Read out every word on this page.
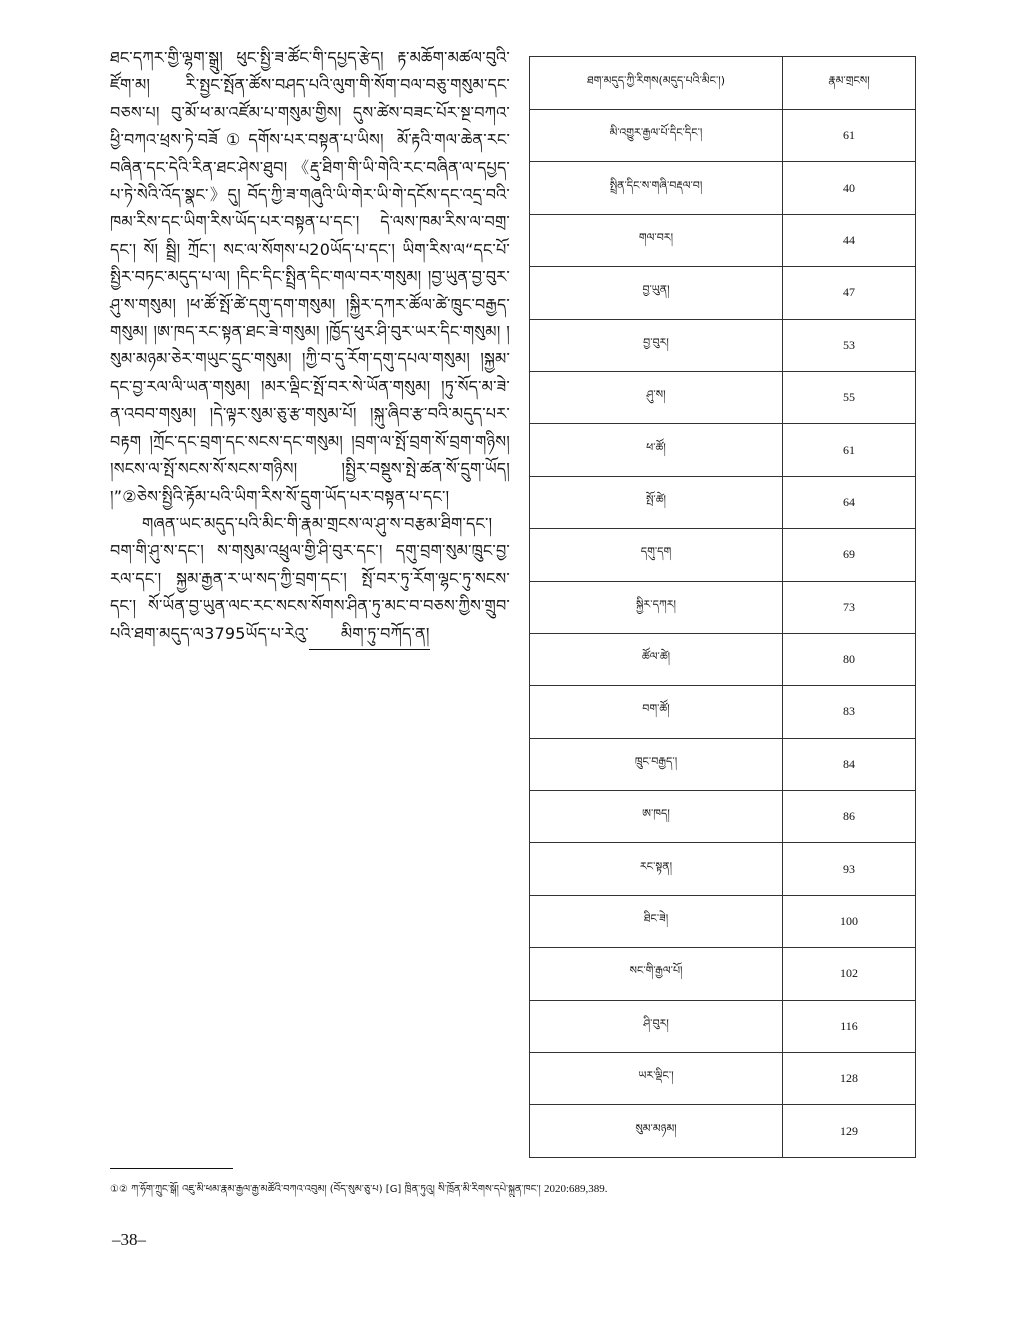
ཐང་དཀར་གྱི་ལྷག་སྒྲུ། ཕུང་སྤྱི་ཟ་ཚོང་གི་དཔྱད་རྩེད། རྟ་མཆོག་མཚལ་བུའི་ཛོག་མ། རི་སྤྱང་སྤོན་ཚོས་བཤད་པའི་ལུག་གི་སོག་བལ་བཅུ་གསུམ་དང་བཅས་པ། བུ་མོ་ཕ་མ་འཛོམ་པ་གསུམ་གྱིས། དུས་ཚེས་བཟང་པོར་སྔ་བཀའ་ཕྱི་བཀའ་ཕྲས་ཏེ་བཟོ①དགོས་པར་བསྟན་པ་ཡིས། མོ་རྟའི་གལ་ཆེན་རང་བཞིན་དང་དེའི་རིན་ཐང་ཤེས་ཐུབ། 《རྡུ་ཐིག་གི་ཡི་གེའི་རང་བཞིན་ལ་དཔྱད་པ་ཏེ་སེའི་འོད་སྣང་》དུ། བོད་ཀྱི་ཟ་གཞུའི་ཡི་གེར་ཡི་གེ་དངོས་དང་འདྲ་བའི་ཁམ་རིས་དང་ཡིག་རིས་ཡོད་པར་བསྟན་པ་དང་། དེ་ལས་ཁམ་རིས་ལ་བགྲ་དང་། སོ། སྦྲི། ཀྲོང་། སང་ལ་སོགས་པ20ཡོད་པ་དང་། ཡིག་རིས་ལ“དང་པོ་སྤྱིར་བཏང་མདུད་པ་ལ། །དིང་དིང་སྤྲིན་དིང་གལ་བར་གསུམ། །བྱ་ཡུན་བྱ་བུར་ཤུ་ས་གསུམ། །ཕ་ཚོ་སྤོ་ཚེ་དགུ་དག་གསུམ། །སྐྱིར་དཀར་ཚོལ་ཚེ་ཁྲུང་བརྒྱད་གསུམ། །ཨ་ཁད་རང་སྟན་ཐང་ཟེ་གསུམ། །ཁྱོད་ཕུར་ཤི་བུར་ཡར་དིང་གསུམ། །སུམ་མཉམ་ཅེར་གཡུང་དྲུང་གསུམ། །ཀྱི་བ་དུ་རོག་དགུ་དཔལ་གསུམ། །སྐྱམ་དང་བྱ་རལ་ལི་ཡན་གསུམ། །མར་ལྡིང་སྤོ་བར་སེ་ཡོན་གསུམ། །ཏུ་སོད་མ་ཟེ་ན་འབབ་གསུམ། །དེ་ལྟར་སུམ་ཅུ་རྩ་གསུམ་པོ། །སྐུ་ཞིབ་རྩ་བའི་མདུད་པར་བརྟག །ཀྲོང་དང་བྲག་དང་སངས་དང་གསུམ། །བྲག་ལ་སྤོ་བྲག་སོ་བྲག་གཉིས། །སངས་ལ་སྤོ་སངས་སོ་སངས་གཉིས། །སྤྱིར་བསྡུས་སྤེ་ཚན་སོ་དྲུག་ཡོད། །”②ཅེས་སྤྱིའི་རྟོམ་པའི་ཡིག་རིས་སོ་དྲུག་ཡོད་པར་བསྟན་པ་དང་།

གཞན་ཡང་མདུད་པའི་མིང་གི་རྣམ་གྲངས་ལ་ཤུ་ས་བརྩམ་ཐིག་དང་། བག་གི་ཤུ་ས་དང་། ས་གསུམ་འཕྲུལ་གྱི་ཤི་བུར་དང་། དགུ་བྲག་སུམ་ཁྲུང་བྱ་རལ་དང་། སྐྱམ་རྒྱན་ར་ཡ་སད་ཀྱི་བྲག་དང་། སྤོ་བར་ཏུ་རོག་ལྷང་ཏུ་སངས་དང་། སོ་ཡོན་བྱ་ཡུན་ལང་རང་སངས་སོགས་ཤིན་ཏུ་མང་བ་བཅས་ཀྱིས་གྲུབ་པའི་ཐག་མདུད་ལ3795ཡོད་པ་རེའུ་ མིག་ཏུ་བཀོད་ན།

ཐག་མདུད་ཀྱི་རིགས(མདུད་པའི་མིང་།)	རྣམ་གྲངས།
མི་འགྱུར་རྒྱལ་པོ་དིང་དིང་།	61
སྤྲིན་དིང་ས་གཞི་བརྡལ་བ།	40
གལ་བར།	44
བྱ་ཡུན།	47
བྱ་བུར།	53
ཤུ་ས།	55
ཕ་ཚོ།	61
སྤོ་ཚེ།	64
དགུ་དག	69
སྐྱིར་དཀར།	73
ཚོལ་ཚེ།	80
བག་ཚོ།	83
ཁྲུང་བརྒྱད་།	84
ཨ་ཁད།	86
རང་སྟན།	93
ཐིང་ཟེ།	100
སང་གི་རྒྱལ་པོ།	102
ཤི་བུར།	116
ཡར་ལྡིང་།	128
སུམ་མཉམ།	129
①② ཀ་ཧོག་ཀྲུང་སྒོ། འཇུ་མི་ཕམ་རྣམ་རྒྱལ་རྒྱ་མཚོའི་བཀའ་འབུམ། (བོད་སུམ་ཅུ་པ) [G] ཁྲིན་ཏུའུ། སི་ཁྲོན་མི་རིགས་དཔེ་སྐྲུན་ཁང་། 2020:689,389.
–38–
